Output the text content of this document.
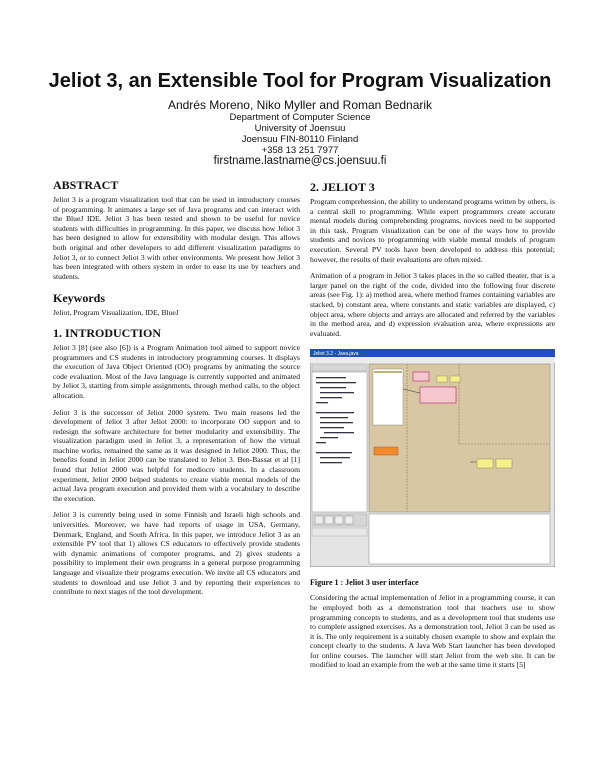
Jeliot 3, an Extensible Tool for Program Visualization
Andrés Moreno, Niko Myller and Roman Bednarik
Department of Computer Science
University of Joensuu
Joensuu FIN-80110 Finland
+358 13 251 7977
firstname.lastname@cs.joensuu.fi
ABSTRACT

Jeliot 3 is a program visualization tool that can be used in introductory courses of programming. It animates a large set of Java programs and can interact with the BlueJ IDE. Jeliot 3 has been tested and shown to be useful for novice students with difficulties in programming. In this paper, we discuss how Jeliot 3 has been designed to allow for extensibility with modular design. This allows both original and other developers to add different visualization paradigms to Jeliot 3, or to connect Jeliot 3 with other environments. We present how Jeliot 3 has been integrated with others system in order to ease its use by teachers and students.

Keywords
Jeliot, Program Visualization, IDE, BlueJ
1. INTRODUCTION

Jeliot 3 [8] (see also [6]) is a Program Animation tool aimed to support novice programmers and CS students in introductory programming courses. It displays the execution of Java Object Oriented (OO) programs by animating the source code evaluation. Most of the Java language is currently supported and animated by Jeliot 3, starting from simple assignments, through method calls, to the object allocation.

Jeliot 3 is the successor of Jeliot 2000 system. Two main reasons led the development of Jeliot 3 after Jeliot 2000: to incorporate OO support and to redesign the software architecture for better modularity and extensibility. The visualization paradigm used in Jeliot 3, a representation of how the virtual machine works, remained the same as it was designed in Jeliot 2000. Thus, the benefits found in Jeliot 2000 can be translated to Jeliot 3. Ben-Bassat et al [1] found that Jeliot 2000 was helpful for mediocre students. In a classroom experiment, Jeliot 2000 helped students to create viable mental models of the actual Java program execution and provided them with a vocabulary to describe the execution.

Jeliot 3 is currently being used in some Finnish and Israeli high schools and universities. Moreover, we have had reports of usage in USA, Germany, Denmark, England, and South Africa. In this paper, we introduce Jeliot 3 as an extensible PV tool that 1) allows CS educators to effectively provide students with dynamic animations of computer programs, and 2) gives students a possibility to implement their own programs in a general purpose programming language and visualize their programs execution. We invite all CS educators and students to download and use Jeliot 3 and by reporting their experiences to contribute to next stages of the tool development.

2. JELIOT 3

Program comprehension, the ability to understand programs written by others, is a central skill to programming. While expert programmers create accurate mental models during comprehending programs, novices need to be supported in this task. Program visualization can be one of the ways how to provide students and novices to programming with viable mental models of program execution. Several PV tools have been developed to address this potential; however, the results of their evaluations are often mixed.

Animation of a program in Jeliot 3 takes places in the so called theater, that is a larger panel on the right of the code, divided into the following four discrete areas (see Fig. 1): a) method area, where method frames containing variables are stacked, b) constant area, where constants and static variables are displayed, c) object area, where objects and arrays are allocated and referred by the variables in the method area, and d) expression evaluation area, where expressions are evaluated.

Jeliot 3.2 - Java.java
Figure 1 : Jeliot 3 user interface

Considering the actual implementation of Jeliot in a programming course, it can be employed both as a demonstration tool that teachers use to show programming concepts to students, and as a development tool that students use to complete assigned exercises. As a demonstration tool, Jeliot 3 can be used as it is. The only requirement is a suitably chosen example to show and explain the concept clearly to the students. A Java Web Start launcher has been developed for online courses. The launcher will start Jeliot from the web site. It can be modified to load an example from the web at the same time it starts [5]
